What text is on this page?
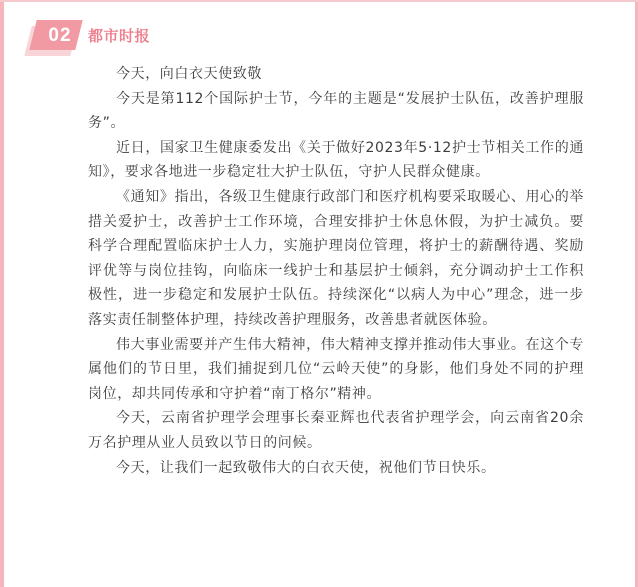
02	都市时报

今天，向白衣天使致敬

今天是第112个国际护士节，今年的主题是“发展护士队伍，改善护理服务”。

近日，国家卫生健康委发出《关于做好2023年5·12护士节相关工作的通知》，要求各地进一步稳定壮大护士队伍，守护人民群众健康。

《通知》指出，各级卫生健康行政部门和医疗机构要采取暖心、用心的举措关爱护士，改善护士工作环境，合理安排护士休息休假，为护士减负。要科学合理配置临床护士人力，实施护理岗位管理，将护士的薪酬待遇、奖励评优等与岗位挂钩，向临床一线护士和基层护士倾斜，充分调动护士工作积极性，进一步稳定和发展护士队伍。持续深化“以病人为中心”理念，进一步落实责任制整体护理，持续改善护理服务，改善患者就医体验。

伟大事业需要并产生伟大精神，伟大精神支撑并推动伟大事业。在这个专属他们的节日里，我们捕捉到几位“云岭天使”的身影，他们身处不同的护理岗位，却共同传承和守护着“南丁格尔”精神。

今天，云南省护理学会理事长秦亚辉也代表省护理学会，向云南省20余万名护理从业人员致以节日的问候。

今天，让我们一起致敬伟大的白衣天使，祝他们节日快乐。
